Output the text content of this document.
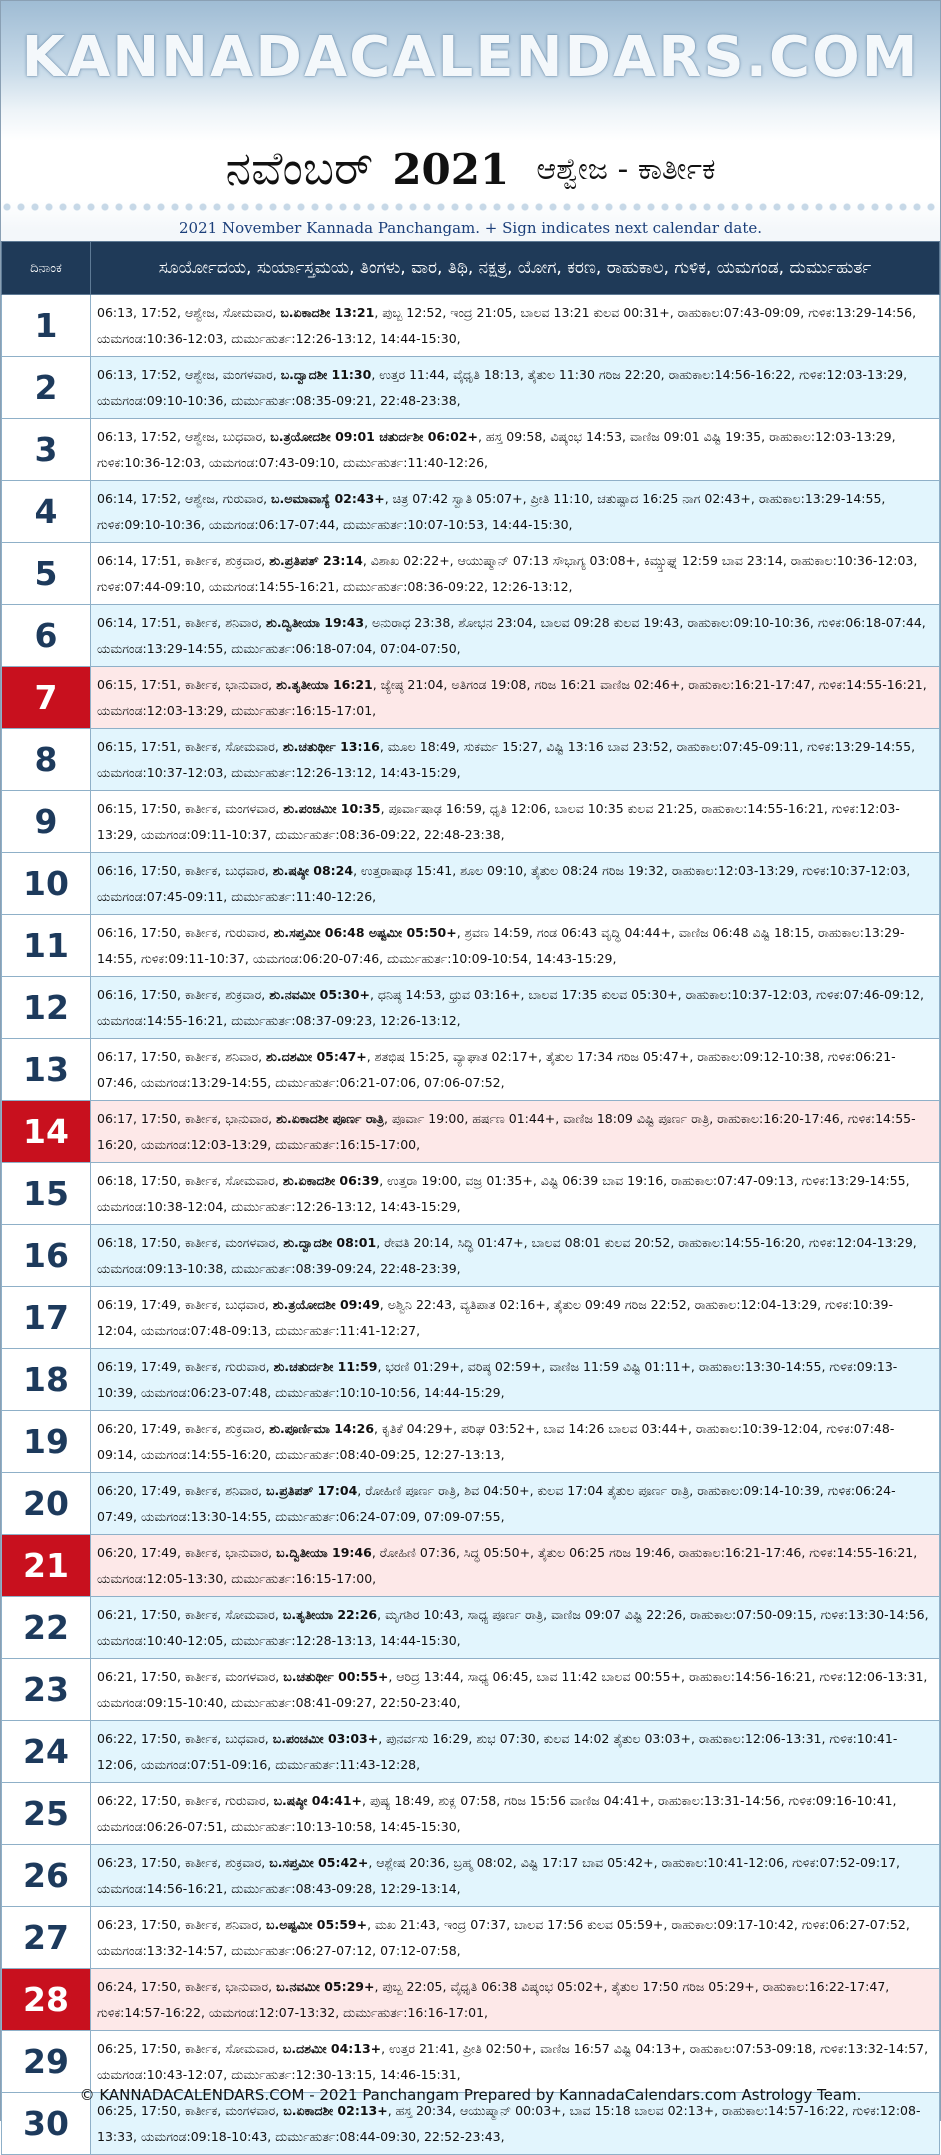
KANNADACALENDARS.COM
ನವೆಂಬರ್ 2021 ಆಶ್ವೇಜ - ಕಾರ್ತೀಕ
2021 November Kannada Panchangam. + Sign indicates next calendar date.
ದಿನಾಂಕ	ಸೂರ್ಯೋದಯ, ಸುರ್ಯಾಸ್ತಮಯ, ತಿಂಗಳು, ವಾರ, ತಿಥಿ, ನಕ್ಷತ್ರ, ಯೋಗ, ಕರಣ, ರಾಹುಕಾಲ, ಗುಳಿಕ, ಯಮಗಂಡ, ದುರ್ಮುಹುರ್ತ
1	06:13, 17:52, ಆಶ್ವೇಜ, ಸೋಮವಾರ, ಬ.ಏಕಾದಶೀ 13:21, ಪುಬ್ಬ 12:52, ಇಂದ್ರ 21:05, ಬಾಲವ 13:21 ಕುಲವ 00:31+, ರಾಹುಕಾಲ:07:43-09:09, ಗುಳಿಕ:13:29-14:56, ಯಮಗಂಡ:10:36-12:03, ದುರ್ಮುಹುರ್ತ:12:26-13:12, 14:44-15:30,
2	06:13, 17:52, ಆಶ್ವೇಜ, ಮಂಗಳವಾರ, ಬ.ದ್ವಾದಶೀ 11:30, ಉತ್ತರ 11:44, ವೈಧೃತಿ 18:13, ತೈತುಲ 11:30 ಗರಿಜ 22:20, ರಾಹುಕಾಲ:14:56-16:22, ಗುಳಿಕ:12:03-13:29, ಯಮಗಂಡ:09:10-10:36, ದುರ್ಮುಹುರ್ತ:08:35-09:21, 22:48-23:38,
3	06:13, 17:52, ಆಶ್ವೇಜ, ಬುಧವಾರ, ಬ.ತ್ರಯೋದಶೀ 09:01 ಚತುರ್ದಶೀ 06:02+, ಹಸ್ತ 09:58, ವಿಷ್ಕಂಭ 14:53, ವಾಣಿಜ 09:01 ವಿಷ್ಟಿ 19:35, ರಾಹುಕಾಲ:12:03-13:29, ಗುಳಿಕ:10:36-12:03, ಯಮಗಂಡ:07:43-09:10, ದುರ್ಮುಹುರ್ತ:11:40-12:26,
4	06:14, 17:52, ಆಶ್ವೇಜ, ಗುರುವಾರ, ಬ.ಅಮಾವಾಸ್ಯೆ 02:43+, ಚಿತ್ರ 07:42 ಸ್ವಾತಿ 05:07+, ಪ್ರೀತಿ 11:10, ಚತುಷ್ಪಾದ 16:25 ನಾಗ 02:43+, ರಾಹುಕಾಲ:13:29-14:55, ಗುಳಿಕ:09:10-10:36, ಯಮಗಂಡ:06:17-07:44, ದುರ್ಮುಹುರ್ತ:10:07-10:53, 14:44-15:30,
5	06:14, 17:51, ಕಾರ್ತೀಕ, ಶುಕ್ರವಾರ, ಶು.ಪ್ರತಿಪತ್ 23:14, ವಿಶಾಖ 02:22+, ಆಯುಷ್ಮಾನ್ 07:13 ಸೌಭಾಗ್ಯ 03:08+, ಕಿಮ್ಸ್ತುಘ್ನ 12:59 ಬಾವ 23:14, ರಾಹುಕಾಲ:10:36-12:03, ಗುಳಿಕ:07:44-09:10, ಯಮಗಂಡ:14:55-16:21, ದುರ್ಮುಹುರ್ತ:08:36-09:22, 12:26-13:12,
6	06:14, 17:51, ಕಾರ್ತೀಕ, ಶನಿವಾರ, ಶು.ದ್ವಿತೀಯಾ 19:43, ಅನುರಾಧ 23:38, ಶೋಭನ 23:04, ಬಾಲವ 09:28 ಕುಲವ 19:43, ರಾಹುಕಾಲ:09:10-10:36, ಗುಳಿಕ:06:18-07:44, ಯಮಗಂಡ:13:29-14:55, ದುರ್ಮುಹುರ್ತ:06:18-07:04, 07:04-07:50,
7	06:15, 17:51, ಕಾರ್ತೀಕ, ಭಾನುವಾರ, ಶು.ತೃತೀಯಾ 16:21, ಜ್ಯೇಷ್ಠ 21:04, ಅತಿಗಂಡ 19:08, ಗರಿಜ 16:21 ವಾಣಿಜ 02:46+, ರಾಹುಕಾಲ:16:21-17:47, ಗುಳಿಕ:14:55-16:21, ಯಮಗಂಡ:12:03-13:29, ದುರ್ಮುಹುರ್ತ:16:15-17:01,
8	06:15, 17:51, ಕಾರ್ತೀಕ, ಸೋಮವಾರ, ಶು.ಚತುರ್ಥೀ 13:16, ಮೂಲ 18:49, ಸುಕರ್ಮ 15:27, ವಿಷ್ಟಿ 13:16 ಬಾವ 23:52, ರಾಹುಕಾಲ:07:45-09:11, ಗುಳಿಕ:13:29-14:55, ಯಮಗಂಡ:10:37-12:03, ದುರ್ಮುಹುರ್ತ:12:26-13:12, 14:43-15:29,
9	06:15, 17:50, ಕಾರ್ತೀಕ, ಮಂಗಳವಾರ, ಶು.ಪಂಚಮೀ 10:35, ಪೂರ್ವಾಷಾಢ 16:59, ಧೃತಿ 12:06, ಬಾಲವ 10:35 ಕುಲವ 21:25, ರಾಹುಕಾಲ:14:55-16:21, ಗುಳಿಕ:12:03-13:29, ಯಮಗಂಡ:09:11-10:37, ದುರ್ಮುಹುರ್ತ:08:36-09:22, 22:48-23:38,
10	06:16, 17:50, ಕಾರ್ತೀಕ, ಬುಧವಾರ, ಶು.ಷಷ್ಠೀ 08:24, ಉತ್ತರಾಷಾಢ 15:41, ಶೂಲ 09:10, ತೈತುಲ 08:24 ಗರಿಜ 19:32, ರಾಹುಕಾಲ:12:03-13:29, ಗುಳಿಕ:10:37-12:03, ಯಮಗಂಡ:07:45-09:11, ದುರ್ಮುಹುರ್ತ:11:40-12:26,
11	06:16, 17:50, ಕಾರ್ತೀಕ, ಗುರುವಾರ, ಶು.ಸಪ್ತಮೀ 06:48 ಅಷ್ಟಮೀ 05:50+, ಶ್ರವಣ 14:59, ಗಂಡ 06:43 ವೃದ್ಧಿ 04:44+, ವಾಣಿಜ 06:48 ವಿಷ್ಟಿ 18:15, ರಾಹುಕಾಲ:13:29-14:55, ಗುಳಿಕ:09:11-10:37, ಯಮಗಂಡ:06:20-07:46, ದುರ್ಮುಹುರ್ತ:10:09-10:54, 14:43-15:29,
12	06:16, 17:50, ಕಾರ್ತೀಕ, ಶುಕ್ರವಾರ, ಶು.ನವಮೀ 05:30+, ಧನಿಷ್ಠ 14:53, ಧ್ರುವ 03:16+, ಬಾಲವ 17:35 ಕುಲವ 05:30+, ರಾಹುಕಾಲ:10:37-12:03, ಗುಳಿಕ:07:46-09:12, ಯಮಗಂಡ:14:55-16:21, ದುರ್ಮುಹುರ್ತ:08:37-09:23, 12:26-13:12,
13	06:17, 17:50, ಕಾರ್ತೀಕ, ಶನಿವಾರ, ಶು.ದಶಮೀ 05:47+, ಶತಭಿಷ 15:25, ವ್ಯಾಘಾತ 02:17+, ತೈತುಲ 17:34 ಗರಿಜ 05:47+, ರಾಹುಕಾಲ:09:12-10:38, ಗುಳಿಕ:06:21-07:46, ಯಮಗಂಡ:13:29-14:55, ದುರ್ಮುಹುರ್ತ:06:21-07:06, 07:06-07:52,
14	06:17, 17:50, ಕಾರ್ತೀಕ, ಭಾನುವಾರ, ಶು.ಏಕಾದಶೀ ಪೂರ್ಣ ರಾತ್ರಿ, ಪೂರ್ವಾ 19:00, ಹರ್ಷಣ 01:44+, ವಾಣಿಜ 18:09 ವಿಷ್ಟಿ ಪೂರ್ಣ ರಾತ್ರಿ, ರಾಹುಕಾಲ:16:20-17:46, ಗುಳಿಕ:14:55-16:20, ಯಮಗಂಡ:12:03-13:29, ದುರ್ಮುಹುರ್ತ:16:15-17:00,
15	06:18, 17:50, ಕಾರ್ತೀಕ, ಸೋಮವಾರ, ಶು.ಏಕಾದಶೀ 06:39, ಉತ್ತರಾ 19:00, ವಜ್ರ 01:35+, ವಿಷ್ಟಿ 06:39 ಬಾವ 19:16, ರಾಹುಕಾಲ:07:47-09:13, ಗುಳಿಕ:13:29-14:55, ಯಮಗಂಡ:10:38-12:04, ದುರ್ಮುಹುರ್ತ:12:26-13:12, 14:43-15:29,
16	06:18, 17:50, ಕಾರ್ತೀಕ, ಮಂಗಳವಾರ, ಶು.ದ್ವಾದಶೀ 08:01, ರೇವತಿ 20:14, ಸಿದ್ಧಿ 01:47+, ಬಾಲವ 08:01 ಕುಲವ 20:52, ರಾಹುಕಾಲ:14:55-16:20, ಗುಳಿಕ:12:04-13:29, ಯಮಗಂಡ:09:13-10:38, ದುರ್ಮುಹುರ್ತ:08:39-09:24, 22:48-23:39,
17	06:19, 17:49, ಕಾರ್ತೀಕ, ಬುಧವಾರ, ಶು.ತ್ರಯೋದಶೀ 09:49, ಅಶ್ವಿನಿ 22:43, ವ್ಯತಿಪಾತ 02:16+, ತೈತುಲ 09:49 ಗರಿಜ 22:52, ರಾಹುಕಾಲ:12:04-13:29, ಗುಳಿಕ:10:39-12:04, ಯಮಗಂಡ:07:48-09:13, ದುರ್ಮುಹುರ್ತ:11:41-12:27,
18	06:19, 17:49, ಕಾರ್ತೀಕ, ಗುರುವಾರ, ಶು.ಚತುರ್ದಶೀ 11:59, ಭರಣಿ 01:29+, ವರಿಷ್ಠ 02:59+, ವಾಣಿಜ 11:59 ವಿಷ್ಟಿ 01:11+, ರಾಹುಕಾಲ:13:30-14:55, ಗುಳಿಕ:09:13-10:39, ಯಮಗಂಡ:06:23-07:48, ದುರ್ಮುಹುರ್ತ:10:10-10:56, 14:44-15:29,
19	06:20, 17:49, ಕಾರ್ತೀಕ, ಶುಕ್ರವಾರ, ಶು.ಪೂರ್ಣಿಮಾ 14:26, ಕೃತಿಕೆ 04:29+, ಪರಿಘ 03:52+, ಬಾವ 14:26 ಬಾಲವ 03:44+, ರಾಹುಕಾಲ:10:39-12:04, ಗುಳಿಕ:07:48-09:14, ಯಮಗಂಡ:14:55-16:20, ದುರ್ಮುಹುರ್ತ:08:40-09:25, 12:27-13:13,
20	06:20, 17:49, ಕಾರ್ತೀಕ, ಶನಿವಾರ, ಬ.ಪ್ರತಿಪತ್ 17:04, ರೋಹಿಣಿ ಪೂರ್ಣ ರಾತ್ರಿ, ಶಿವ 04:50+, ಕುಲವ 17:04 ತೈತುಲ ಪೂರ್ಣ ರಾತ್ರಿ, ರಾಹುಕಾಲ:09:14-10:39, ಗುಳಿಕ:06:24-07:49, ಯಮಗಂಡ:13:30-14:55, ದುರ್ಮುಹುರ್ತ:06:24-07:09, 07:09-07:55,
21	06:20, 17:49, ಕಾರ್ತೀಕ, ಭಾನುವಾರ, ಬ.ದ್ವಿತೀಯಾ 19:46, ರೋಹಿಣಿ 07:36, ಸಿದ್ಧ 05:50+, ತೈತುಲ 06:25 ಗರಿಜ 19:46, ರಾಹುಕಾಲ:16:21-17:46, ಗುಳಿಕ:14:55-16:21, ಯಮಗಂಡ:12:05-13:30, ದುರ್ಮುಹುರ್ತ:16:15-17:00,
22	06:21, 17:50, ಕಾರ್ತೀಕ, ಸೋಮವಾರ, ಬ.ತೃತೀಯಾ 22:26, ಮೃಗಶಿರ 10:43, ಸಾಧ್ಯ ಪೂರ್ಣ ರಾತ್ರಿ, ವಾಣಿಜ 09:07 ವಿಷ್ಟಿ 22:26, ರಾಹುಕಾಲ:07:50-09:15, ಗುಳಿಕ:13:30-14:56, ಯಮಗಂಡ:10:40-12:05, ದುರ್ಮುಹುರ್ತ:12:28-13:13, 14:44-15:30,
23	06:21, 17:50, ಕಾರ್ತೀಕ, ಮಂಗಳವಾರ, ಬ.ಚತುರ್ಥೀ 00:55+, ಆರಿದ್ರ 13:44, ಸಾಧ್ಯ 06:45, ಬಾವ 11:42 ಬಾಲವ 00:55+, ರಾಹುಕಾಲ:14:56-16:21, ಗುಳಿಕ:12:06-13:31, ಯಮಗಂಡ:09:15-10:40, ದುರ್ಮುಹುರ್ತ:08:41-09:27, 22:50-23:40,
24	06:22, 17:50, ಕಾರ್ತೀಕ, ಬುಧವಾರ, ಬ.ಪಂಚಮೀ 03:03+, ಪುನರ್ವಸು 16:29, ಶುಭ 07:30, ಕುಲವ 14:02 ತೈತುಲ 03:03+, ರಾಹುಕಾಲ:12:06-13:31, ಗುಳಿಕ:10:41-12:06, ಯಮಗಂಡ:07:51-09:16, ದುರ್ಮುಹುರ್ತ:11:43-12:28,
25	06:22, 17:50, ಕಾರ್ತೀಕ, ಗುರುವಾರ, ಬ.ಷಷ್ಠೀ 04:41+, ಪುಷ್ಯ 18:49, ಶುಕ್ಲ 07:58, ಗರಿಜ 15:56 ವಾಣಿಜ 04:41+, ರಾಹುಕಾಲ:13:31-14:56, ಗುಳಿಕ:09:16-10:41, ಯಮಗಂಡ:06:26-07:51, ದುರ್ಮುಹುರ್ತ:10:13-10:58, 14:45-15:30,
26	06:23, 17:50, ಕಾರ್ತೀಕ, ಶುಕ್ರವಾರ, ಬ.ಸಪ್ತಮೀ 05:42+, ಆಶ್ಲೇಷ 20:36, ಬ್ರಹ್ಮ 08:02, ವಿಷ್ಟಿ 17:17 ಬಾವ 05:42+, ರಾಹುಕಾಲ:10:41-12:06, ಗುಳಿಕ:07:52-09:17, ಯಮಗಂಡ:14:56-16:21, ದುರ್ಮುಹುರ್ತ:08:43-09:28, 12:29-13:14,
27	06:23, 17:50, ಕಾರ್ತೀಕ, ಶನಿವಾರ, ಬ.ಅಷ್ಟಮೀ 05:59+, ಮಖ 21:43, ಇಂದ್ರ 07:37, ಬಾಲವ 17:56 ಕುಲವ 05:59+, ರಾಹುಕಾಲ:09:17-10:42, ಗುಳಿಕ:06:27-07:52, ಯಮಗಂಡ:13:32-14:57, ದುರ್ಮುಹುರ್ತ:06:27-07:12, 07:12-07:58,
28	06:24, 17:50, ಕಾರ್ತೀಕ, ಭಾನುವಾರ, ಬ.ನವಮೀ 05:29+, ಪುಬ್ಬ 22:05, ವೈಧೃತಿ 06:38 ವಿಷ್ಕಂಭ 05:02+, ತೈತುಲ 17:50 ಗರಿಜ 05:29+, ರಾಹುಕಾಲ:16:22-17:47, ಗುಳಿಕ:14:57-16:22, ಯಮಗಂಡ:12:07-13:32, ದುರ್ಮುಹುರ್ತ:16:16-17:01,
29	06:25, 17:50, ಕಾರ್ತೀಕ, ಸೋಮವಾರ, ಬ.ದಶಮೀ 04:13+, ಉತ್ತರ 21:41, ಪ್ರೀತಿ 02:50+, ವಾಣಿಜ 16:57 ವಿಷ್ಟಿ 04:13+, ರಾಹುಕಾಲ:07:53-09:18, ಗುಳಿಕ:13:32-14:57, ಯಮಗಂಡ:10:43-12:07, ದುರ್ಮುಹುರ್ತ:12:30-13:15, 14:46-15:31,
30	06:25, 17:50, ಕಾರ್ತೀಕ, ಮಂಗಳವಾರ, ಬ.ಏಕಾದಶೀ 02:13+, ಹಸ್ತ 20:34, ಆಯುಷ್ಮಾನ್ 00:03+, ಬಾವ 15:18 ಬಾಲವ 02:13+, ರಾಹುಕಾಲ:14:57-16:22, ಗುಳಿಕ:12:08-13:33, ಯಮಗಂಡ:09:18-10:43, ದುರ್ಮುಹುರ್ತ:08:44-09:30, 22:52-23:43,
© KANNADACALENDARS.COM - 2021 Panchangam Prepared by KannadaCalendars.com Astrology Team.
